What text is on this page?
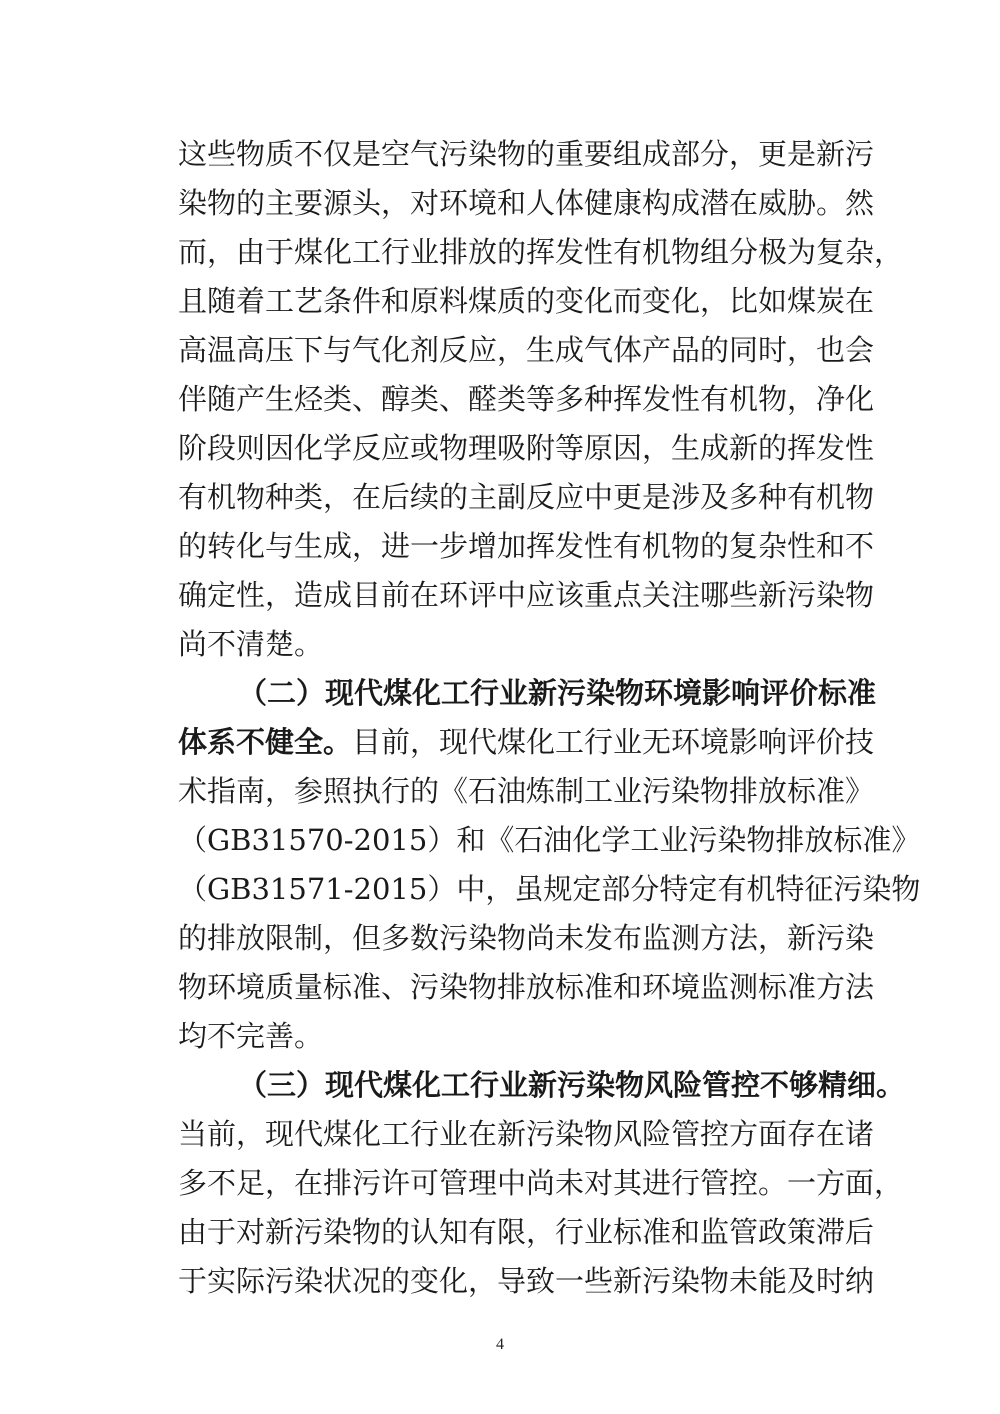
这些物质不仅是空气污染物的重要组成部分，更是新污
染物的主要源头，对环境和人体健康构成潜在威胁。然
而，由于煤化工行业排放的挥发性有机物组分极为复杂，
且随着工艺条件和原料煤质的变化而变化，比如煤炭在
高温高压下与气化剂反应，生成气体产品的同时，也会
伴随产生烃类、醇类、醛类等多种挥发性有机物，净化
阶段则因化学反应或物理吸附等原因，生成新的挥发性
有机物种类，在后续的主副反应中更是涉及多种有机物
的转化与生成，进一步增加挥发性有机物的复杂性和不
确定性，造成目前在环评中应该重点关注哪些新污染物
尚不清楚。
（二）现代煤化工行业新污染物环境影响评价标准
体系不健全。目前，现代煤化工行业无环境影响评价技
术指南，参照执行的《石油炼制工业污染物排放标准》
（GB31570-2015）和《石油化学工业污染物排放标准》
（GB31571-2015）中，虽规定部分特定有机特征污染物
的排放限制，但多数污染物尚未发布监测方法，新污染
物环境质量标准、污染物排放标准和环境监测标准方法
均不完善。
（三）现代煤化工行业新污染物风险管控不够精细。
当前，现代煤化工行业在新污染物风险管控方面存在诸
多不足，在排污许可管理中尚未对其进行管控。一方面，
由于对新污染物的认知有限，行业标准和监管政策滞后
于实际污染状况的变化，导致一些新污染物未能及时纳
4
